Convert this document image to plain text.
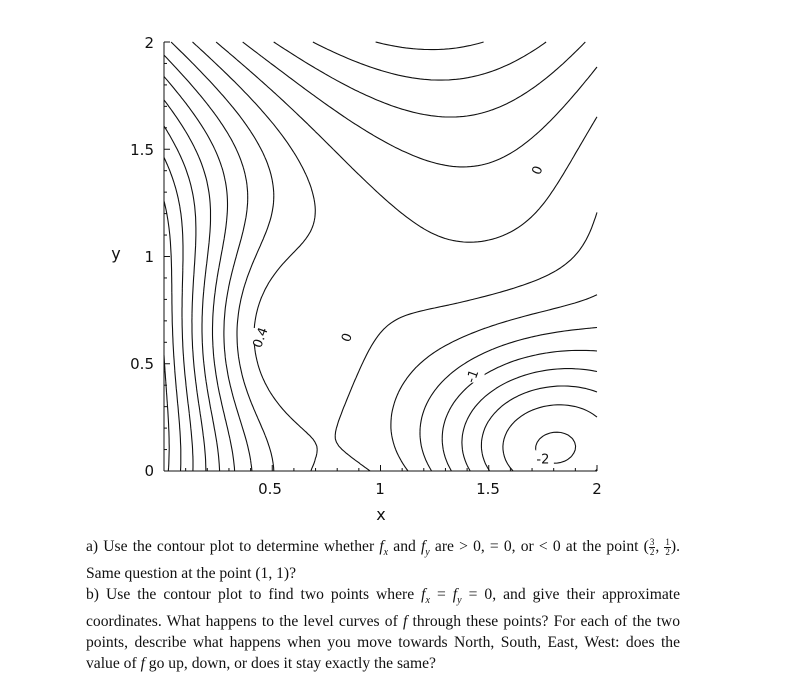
0.5	1	1.5	2
0
0.5
1
1.5
2
x
y
0.4	0
-1
-2
0

a) Use the contour plot to determine whether $f_x$ and $f_y$ are > 0, = 0, or < 0 at the point ( $\frac{3}{2}$ , $\frac{1}{2}$ ). Same question at the point (1, 1)?

b) Use the contour plot to find two points where $f_x = f_y = 0$, and give their approximate coordinates. What happens to the level curves of f through these points? For each of the two points, describe what happens when you move towards North, South, East, West: does the value of f go up, down, or does it stay exactly the same?
